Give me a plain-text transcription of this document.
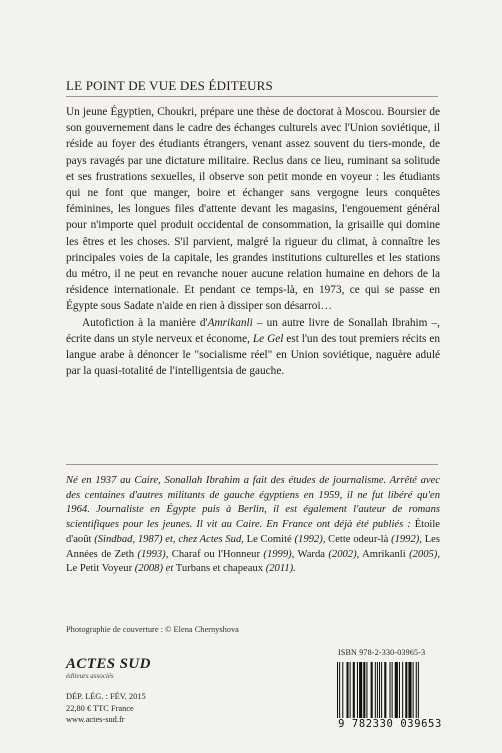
LE POINT DE VUE DES ÉDITEURS

Un jeune Égyptien, Choukri, prépare une thèse de doctorat à Moscou. Boursier de son gouvernement dans le cadre des échanges culturels avec l'Union soviétique, il réside au foyer des étudiants étrangers, venant assez souvent du tiers-monde, de pays ravagés par une dictature militaire. Reclus dans ce lieu, ruminant sa solitude et ses frustrations sexuelles, il observe son petit monde en voyeur : les étudiants qui ne font que manger, boire et échanger sans vergogne leurs conquêtes féminines, les longues files d'attente devant les magasins, l'engouement général pour n'importe quel produit occidental de consommation, la grisaille qui domine les êtres et les choses. S'il parvient, malgré la rigueur du climat, à connaître les principales voies de la capitale, les grandes institutions culturelles et les stations du métro, il ne peut en revanche nouer aucune relation humaine en dehors de la résidence internationale. Et pendant ce temps-là, en 1973, ce qui se passe en Égypte sous Sadate n'aide en rien à dissiper son désarroi…

Autofiction à la manière d'Amrikanli – un autre livre de Sonallah Ibrahim –, écrite dans un style nerveux et économe, Le Gel est l'un des tout premiers récits en langue arabe à dénoncer le "socialisme réel" en Union soviétique, naguère adulé par la quasi-totalité de l'intelligentsia de gauche.

Né en 1937 au Caire, Sonallah Ibrahim a fait des études de journalisme. Arrêté avec des centaines d'autres militants de gauche égyptiens en 1959, il ne fut libéré qu'en 1964. Journaliste en Égypte puis à Berlin, il est également l'auteur de romans scientifiques pour les jeunes. Il vit au Caire. En France ont déjà été publiés : Étoile d'août (Sindbad, 1987) et, chez Actes Sud, Le Comité (1992), Cette odeur-là (1992), Les Années de Zeth (1993), Charaf ou l'Honneur (1999), Warda (2002), Amrikanli (2005), Le Petit Voyeur (2008) et Turbans et chapeaux (2011).

Photographie de couverture : © Elena Chernyshova
ACTES SUD
éditeurs associés
DÉP. LÉG. : FÉV. 2015
22,80 € TTC France
www.actes-sud.fr
ISBN 978-2-330-03965-3
9 782330 039653
